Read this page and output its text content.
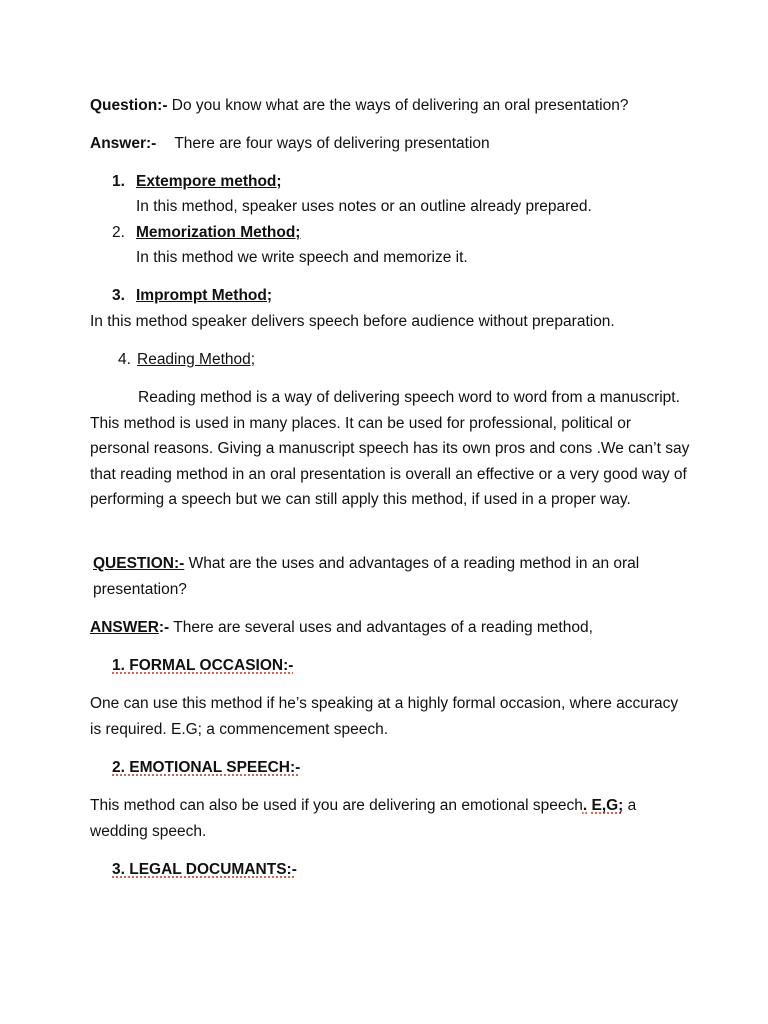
Question:- Do you know what are the ways of delivering an oral presentation?
Answer:- There are four ways of delivering presentation
1. Extempore method;
In this method, speaker uses notes or an outline already prepared.
2. Memorization Method;
In this method we write speech and memorize it.
3. Imprompt Method;
In this method speaker delivers speech before audience without preparation.
4. Reading Method;
Reading method is a way of delivering speech word to word from a manuscript. This method is used in many places. It can be used for professional, political or personal reasons. Giving a manuscript speech has its own pros and cons .We can’t say that reading method in an oral presentation is overall an effective or a very good way of performing a speech but we can still apply this method, if used in a proper way.
QUESTION:- What are the uses and advantages of a reading method in an oral presentation?
ANSWER:- There are several uses and advantages of a reading method,
1. FORMAL OCCASION:-
One can use this method if he’s speaking at a highly formal occasion, where accuracy is required. E.G; a commencement speech.
2. EMOTIONAL SPEECH:-
This method can also be used if you are delivering an emotional speech. E,G; a wedding speech.
3. LEGAL DOCUMANTS:-
